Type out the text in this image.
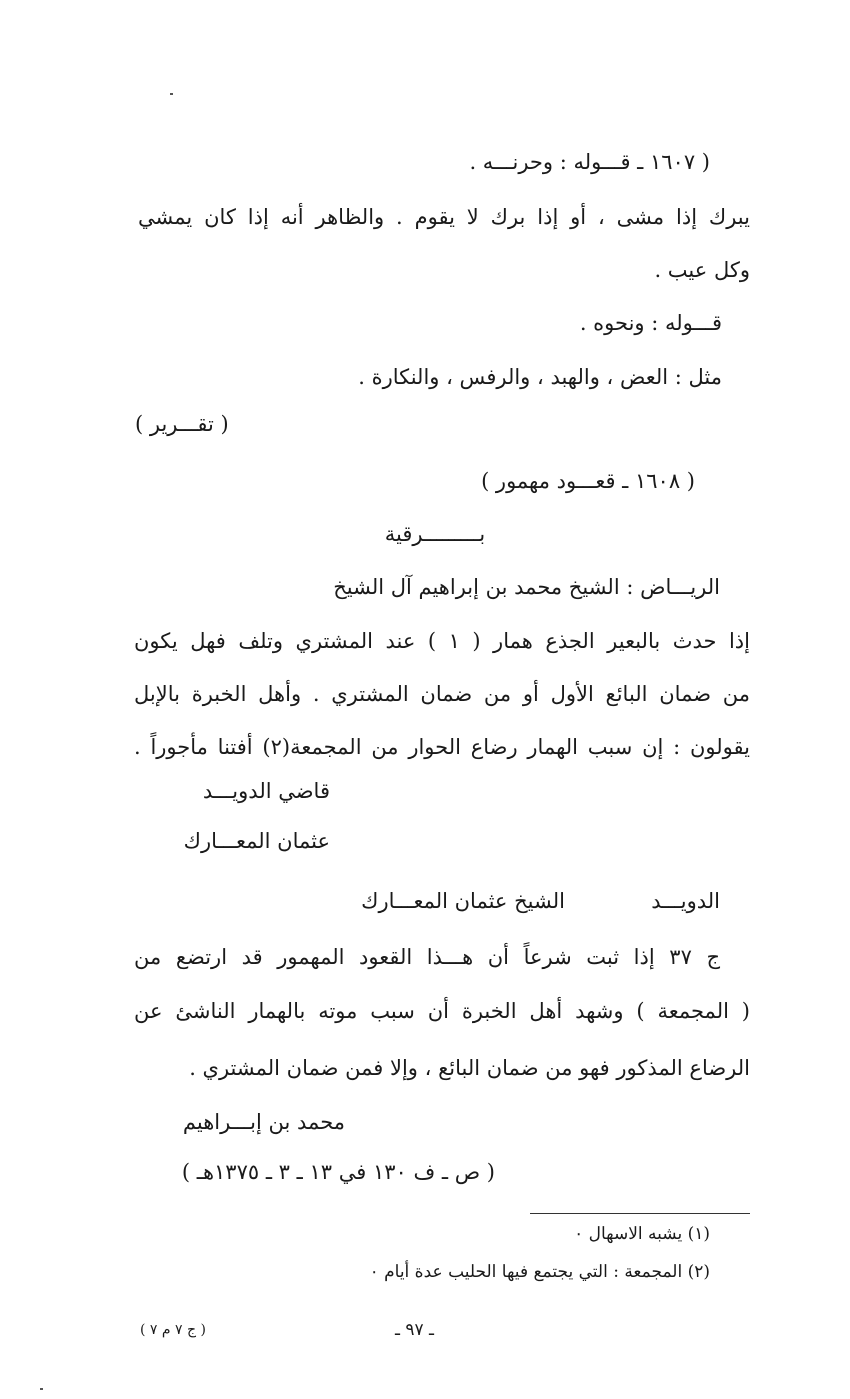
( ١٦٠٧ ـ قـــوله : وحرنـــه .
يبرك إذا مشى ، أو إذا برك لا يقوم . والظاهر أنه إذا كان يمشي
وكل عيب .
قـــوله : ونحوه .
مثل : العض ، والهبد ، والرفس ، والنكارة .
( تقـــرير )
( ١٦٠٨ ـ قعـــود مهمور )
بـــــــــرقية
الريـــاض : الشيخ محمد بن إبراهيم آل الشيخ
إذا حدث بالبعير الجذع همار ( ١ ) عند المشتري وتلف فهل يكون
من ضمان البائع الأول أو من ضمان المشتري . وأهل الخبرة بالإبل
يقولون : إن سبب الهمار رضاع الحوار من المجمعة(٢) أفتنا مأجوراً .
قاضي الدويـــد
عثمان المعـــارك
الدويـــد
الشيخ عثمان المعـــارك
ج ٣٧ إذا ثبت شرعاً أن هـــذا القعود المهمور قد ارتضع من
( المجمعة ) وشهد أهل الخبرة أن سبب موته بالهمار الناشئ عن
الرضاع المذكور فهو من ضمان البائع ، وإلا فمن ضمان المشتري .
محمد بن إبـــراهيم
( ص ـ ف ١٣٠ في ١٣ ـ ٣ ـ ١٣٧٥هـ )
(١) يشبه الاسهال ٠
(٢) المجمعة : التي يجتمع فيها الحليب عدة أيام ٠
ـ ٩٧ ـ
( ج ٧ م ٧ )
